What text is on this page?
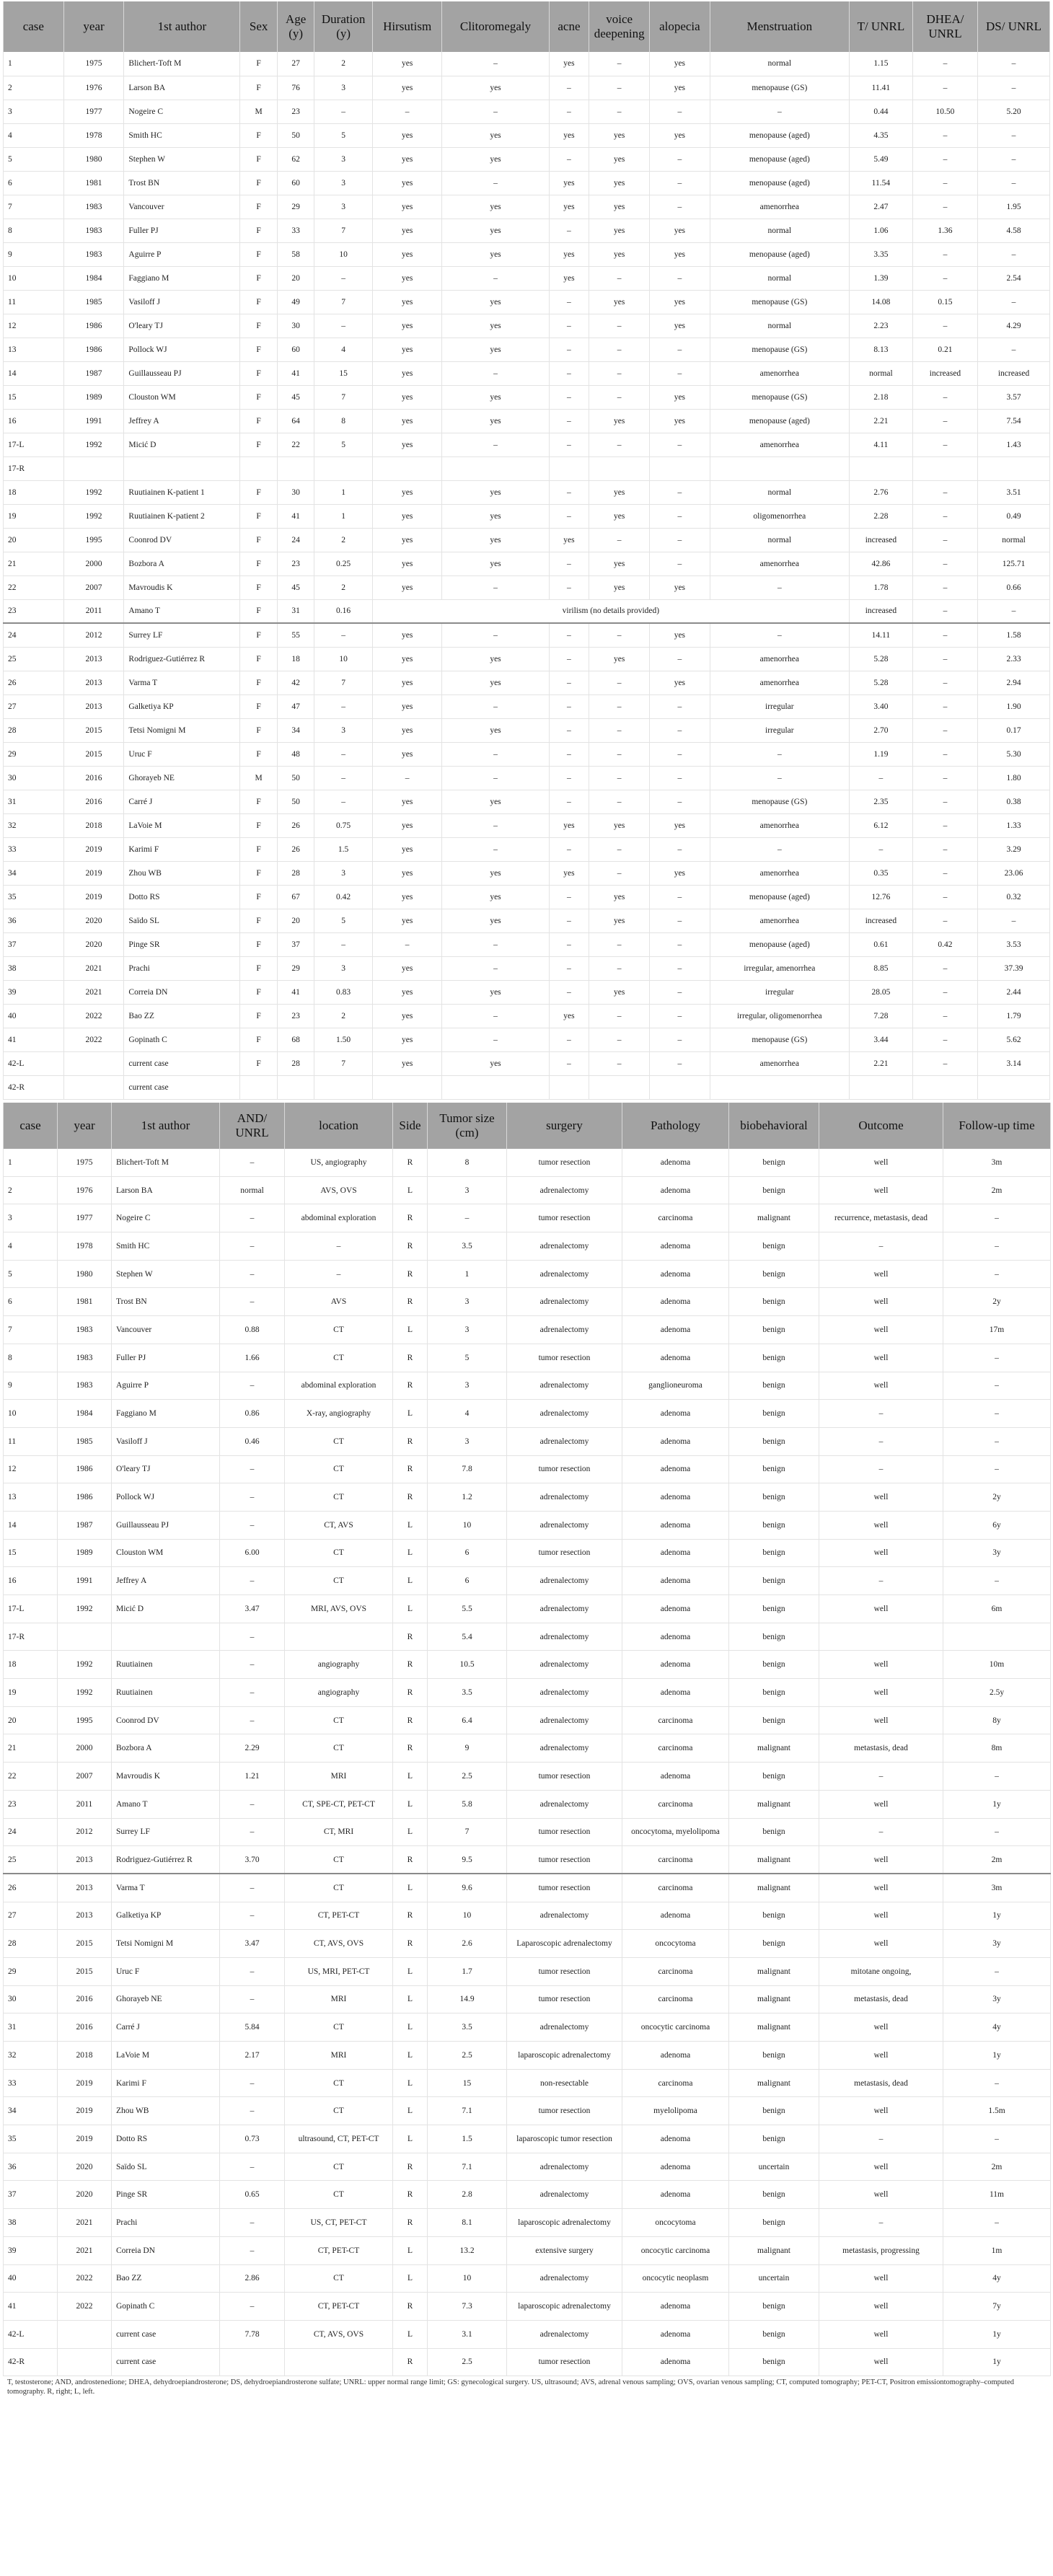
case	year	1st author	Sex	Age (y)	Duration (y)	Hirsutism	Clitoromegaly	acne	voice deepening	alopecia	Menstruation	T/ UNRL	DHEA/ UNRL	DS/ UNRL
1	1975	Blichert-Toft M	F	27	2	yes	–	yes	–	yes	normal	1.15	–	–
2	1976	Larson BA	F	76	3	yes	yes	–	–	yes	menopause (GS)	11.41	–	–
3	1977	Nogeire C	M	23	–	–	–	–	–	–	–	0.44	10.50	5.20
4	1978	Smith HC	F	50	5	yes	yes	yes	yes	yes	menopause (aged)	4.35	–	–
5	1980	Stephen W	F	62	3	yes	yes	–	yes	–	menopause (aged)	5.49	–	–
6	1981	Trost BN	F	60	3	yes	–	yes	yes	–	menopause (aged)	11.54	–	–
7	1983	Vancouver	F	29	3	yes	yes	yes	yes	–	amenorrhea	2.47	–	1.95
8	1983	Fuller PJ	F	33	7	yes	yes	–	yes	yes	normal	1.06	1.36	4.58
9	1983	Aguirre P	F	58	10	yes	yes	yes	yes	yes	menopause (aged)	3.35	–	–
10	1984	Faggiano M	F	20	–	yes	–	yes	–	–	normal	1.39	–	2.54
11	1985	Vasiloff J	F	49	7	yes	yes	–	yes	yes	menopause (GS)	14.08	0.15	–
12	1986	O'leary TJ	F	30	–	yes	yes	–	–	yes	normal	2.23	–	4.29
13	1986	Pollock WJ	F	60	4	yes	yes	–	–	–	menopause (GS)	8.13	0.21	–
14	1987	Guillausseau PJ	F	41	15	yes	–	–	–	–	amenorrhea	normal	increased	increased
15	1989	Clouston WM	F	45	7	yes	yes	–	–	yes	menopause (GS)	2.18	–	3.57
16	1991	Jeffrey A	F	64	8	yes	yes	–	yes	yes	menopause (aged)	2.21	–	7.54
17-L	1992	Micić D	F	22	5	yes	–	–	–	–	amenorrhea	4.11	–	1.43
17-R														
18	1992	Ruutiainen K-patient 1	F	30	1	yes	yes	–	yes	–	normal	2.76	–	3.51
19	1992	Ruutiainen K-patient 2	F	41	1	yes	yes	–	yes	–	oligomenorrhea	2.28	–	0.49
20	1995	Coonrod DV	F	24	2	yes	yes	yes	–	–	normal	increased	–	normal
21	2000	Bozbora A	F	23	0.25	yes	yes	–	yes	–	amenorrhea	42.86	–	125.71
22	2007	Mavroudis K	F	45	2	yes	–	–	yes	yes	–	1.78	–	0.66
23	2011	Amano T	F	31	0.16	virilism (no details provided)						increased	–	–
24	2012	Surrey LF	F	55	–	yes	–	–	–	yes	–	14.11	–	1.58
25	2013	Rodriguez-Gutiérrez R	F	18	10	yes	yes	–	yes	–	amenorrhea	5.28	–	2.33
26	2013	Varma T	F	42	7	yes	yes	–	–	yes	amenorrhea	5.28	–	2.94
27	2013	Galketiya KP	F	47	–	yes	–	–	–	–	irregular	3.40	–	1.90
28	2015	Tetsi Nomigni M	F	34	3	yes	yes	–	–	–	irregular	2.70	–	0.17
29	2015	Uruc F	F	48	–	yes	–	–	–	–	–	1.19	–	5.30
30	2016	Ghorayeb NE	M	50	–	–	–	–	–	–	–	–	–	1.80
31	2016	Carré J	F	50	–	yes	yes	–	–	–	menopause (GS)	2.35	–	0.38
32	2018	LaVoie M	F	26	0.75	yes	–	yes	yes	yes	amenorrhea	6.12	–	1.33
33	2019	Karimi F	F	26	1.5	yes	–	–	–	–	–	–	–	3.29
34	2019	Zhou WB	F	28	3	yes	yes	yes	–	yes	amenorrhea	0.35	–	23.06
35	2019	Dotto RS	F	67	0.42	yes	yes	–	yes	–	menopause (aged)	12.76	–	0.32
36	2020	Saïdo SL	F	20	5	yes	yes	–	yes	–	amenorrhea	increased	–	–
37	2020	Pinge SR	F	37	–	–	–	–	–	–	menopause (aged)	0.61	0.42	3.53
38	2021	Prachi	F	29	3	yes	–	–	–	–	irregular, amenorrhea	8.85	–	37.39
39	2021	Correia DN	F	41	0.83	yes	yes	–	yes	–	irregular	28.05	–	2.44
40	2022	Bao ZZ	F	23	2	yes	–	yes	–	–	irregular, oligomenorrhea	7.28	–	1.79
41	2022	Gopinath C	F	68	1.50	yes	–	–	–	–	menopause (GS)	3.44	–	5.62
42-L		current case	F	28	7	yes	yes	–	–	–	amenorrhea	2.21	–	3.14
42-R		current case												
case	year	1st author	AND/ UNRL	location	Side	Tumor size (cm)	surgery	Pathology	biobehavioral	Outcome	Follow-up time
1	1975	Blichert-Toft M	–	US, angiography	R	8	tumor resection	adenoma	benign	well	3m
2	1976	Larson BA	normal	AVS, OVS	L	3	adrenalectomy	adenoma	benign	well	2m
3	1977	Nogeire C	–	abdominal exploration	R	–	tumor resection	carcinoma	malignant	recurrence, metastasis, dead	–
4	1978	Smith HC	–	–	R	3.5	adrenalectomy	adenoma	benign	–	–
5	1980	Stephen W	–	–	R	1	adrenalectomy	adenoma	benign	well	–
6	1981	Trost BN	–	AVS	R	3	adrenalectomy	adenoma	benign	well	2y
7	1983	Vancouver	0.88	CT	L	3	adrenalectomy	adenoma	benign	well	17m
8	1983	Fuller PJ	1.66	CT	R	5	tumor resection	adenoma	benign	well	–
9	1983	Aguirre P	–	abdominal exploration	R	3	adrenalectomy	ganglioneuroma	benign	well	–
10	1984	Faggiano M	0.86	X-ray, angiography	L	4	adrenalectomy	adenoma	benign	–	–
11	1985	Vasiloff J	0.46	CT	R	3	adrenalectomy	adenoma	benign	–	–
12	1986	O'leary TJ	–	CT	R	7.8	tumor resection	adenoma	benign	–	–
13	1986	Pollock WJ	–	CT	R	1.2	adrenalectomy	adenoma	benign	well	2y
14	1987	Guillausseau PJ	–	CT, AVS	L	10	adrenalectomy	adenoma	benign	well	6y
15	1989	Clouston WM	6.00	CT	L	6	tumor resection	adenoma	benign	well	3y
16	1991	Jeffrey A	–	CT	L	6	adrenalectomy	adenoma	benign	–	–
17-L	1992	Micić D	3.47	MRI, AVS, OVS	L	5.5	adrenalectomy	adenoma	benign	well	6m
17-R			–		R	5.4	adrenalectomy	adenoma	benign		
18	1992	Ruutiainen	–	angiography	R	10.5	adrenalectomy	adenoma	benign	well	10m
19	1992	Ruutiainen	–	angiography	R	3.5	adrenalectomy	adenoma	benign	well	2.5y
20	1995	Coonrod DV	–	CT	R	6.4	adrenalectomy	carcinoma	benign	well	8y
21	2000	Bozbora A	2.29	CT	R	9	adrenalectomy	carcinoma	malignant	metastasis, dead	8m
22	2007	Mavroudis K	1.21	MRI	L	2.5	tumor resection	adenoma	benign	–	–
23	2011	Amano T	–	CT, SPE-CT, PET-CT	L	5.8	adrenalectomy	carcinoma	malignant	well	1y
24	2012	Surrey LF	–	CT, MRI	L	7	tumor resection	oncocytoma, myelolipoma	benign	–	–
25	2013	Rodriguez-Gutiérrez R	3.70	CT	R	9.5	tumor resection	carcinoma	malignant	well	2m
26	2013	Varma T	–	CT	L	9.6	tumor resection	carcinoma	malignant	well	3m
27	2013	Galketiya KP	–	CT, PET-CT	R	10	adrenalectomy	adenoma	benign	well	1y
28	2015	Tetsi Nomigni M	3.47	CT, AVS, OVS	R	2.6	Laparoscopic adrenalectomy	oncocytoma	benign	well	3y
29	2015	Uruc F	–	US, MRI, PET-CT	L	1.7	tumor resection	carcinoma	malignant	mitotane ongoing,	–
30	2016	Ghorayeb NE	–	MRI	L	14.9	tumor resection	carcinoma	malignant	metastasis, dead	3y
31	2016	Carré J	5.84	CT	L	3.5	adrenalectomy	oncocytic carcinoma	malignant	well	4y
32	2018	LaVoie M	2.17	MRI	L	2.5	laparoscopic adrenalectomy	adenoma	benign	well	1y
33	2019	Karimi F	–	CT	L	15	non-resectable	carcinoma	malignant	metastasis, dead	–
34	2019	Zhou WB	–	CT	L	7.1	tumor resection	myelolipoma	benign	well	1.5m
35	2019	Dotto RS	0.73	ultrasound, CT, PET-CT	L	1.5	laparoscopic tumor resection	adenoma	benign	–	–
36	2020	Saïdo SL	–	CT	R	7.1	adrenalectomy	adenoma	uncertain	well	2m
37	2020	Pinge SR	0.65	CT	R	2.8	adrenalectomy	adenoma	benign	well	11m
38	2021	Prachi	–	US, CT, PET-CT	R	8.1	laparoscopic adrenalectomy	oncocytoma	benign	–	–
39	2021	Correia DN	–	CT, PET-CT	L	13.2	extensive surgery	oncocytic carcinoma	malignant	metastasis, progressing	1m
40	2022	Bao ZZ	2.86	CT	L	10	adrenalectomy	oncocytic neoplasm	uncertain	well	4y
41	2022	Gopinath C	–	CT, PET-CT	R	7.3	laparoscopic adrenalectomy	adenoma	benign	well	7y
42-L		current case	7.78	CT, AVS, OVS	L	3.1	adrenalectomy	adenoma	benign	well	1y
42-R		current case			R	2.5	tumor resection	adenoma	benign	well	1y
T, testosterone; AND, androstenedione; DHEA, dehydroepiandrosterone; DS, dehydroepiandrosterone sulfate; UNRL: upper normal range limit; GS: gynecological surgery. US, ultrasound; AVS, adrenal venous sampling; OVS, ovarian venous sampling; CT, computed tomography; PET-CT, Positron emissiontomography–computed tomography. R, right; L, left.
